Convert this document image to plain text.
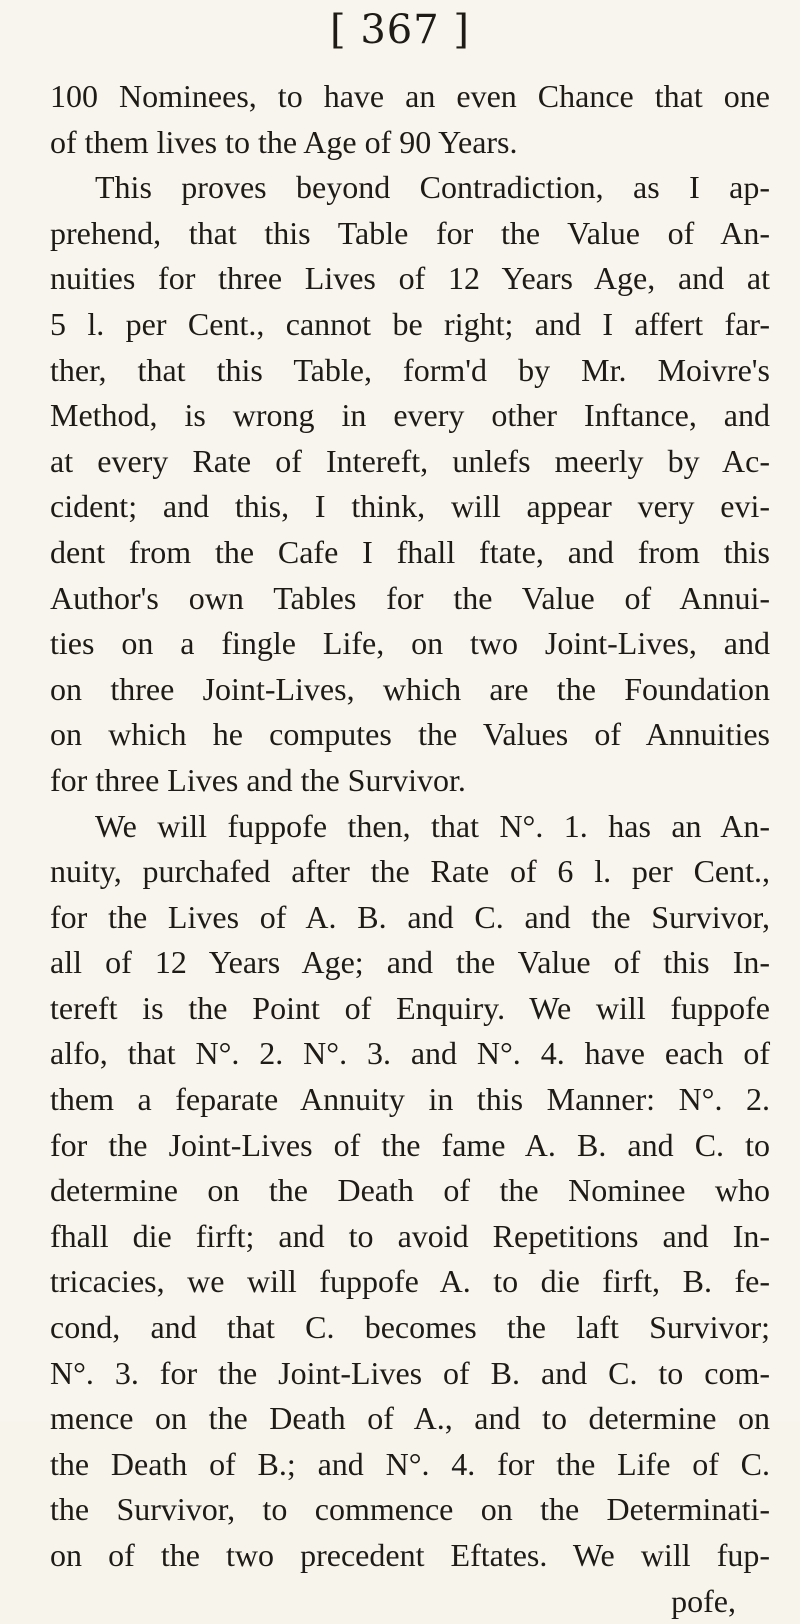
[ 367 ]
100 Nominees, to have an even Chance that one
of them lives to the Age of 90 Years.
This proves beyond Contradiction, as I ap-
prehend, that this Table for the Value of An-
nuities for three Lives of 12 Years Age, and at
5 l. per Cent., cannot be right; and I affert far-
ther, that this Table, form'd by Mr. Moivre's
Method, is wrong in every other Inftance, and
at every Rate of Intereft, unlefs meerly by Ac-
cident; and this, I think, will appear very evi-
dent from the Cafe I fhall ftate, and from this
Author's own Tables for the Value of Annui-
ties on a fingle Life, on two Joint-Lives, and
on three Joint-Lives, which are the Foundation
on which he computes the Values of Annuities
for three Lives and the Survivor.
We will fuppofe then, that N°. 1. has an An-
nuity, purchafed after the Rate of 6 l. per Cent.,
for the Lives of A. B. and C. and the Survivor,
all of 12 Years Age; and the Value of this In-
tereft is the Point of Enquiry. We will fuppofe
alfo, that N°. 2. N°. 3. and N°. 4. have each of
them a feparate Annuity in this Manner: N°. 2.
for the Joint-Lives of the fame A. B. and C. to
determine on the Death of the Nominee who
fhall die firft; and to avoid Repetitions and In-
tricacies, we will fuppofe A. to die firft, B. fe-
cond, and that C. becomes the laft Survivor;
N°. 3. for the Joint-Lives of B. and C. to com-
mence on the Death of A., and to determine on
the Death of B.; and N°. 4. for the Life of C.
the Survivor, to commence on the Determinati-
on of the two precedent Eftates. We will fup-
pofe,
